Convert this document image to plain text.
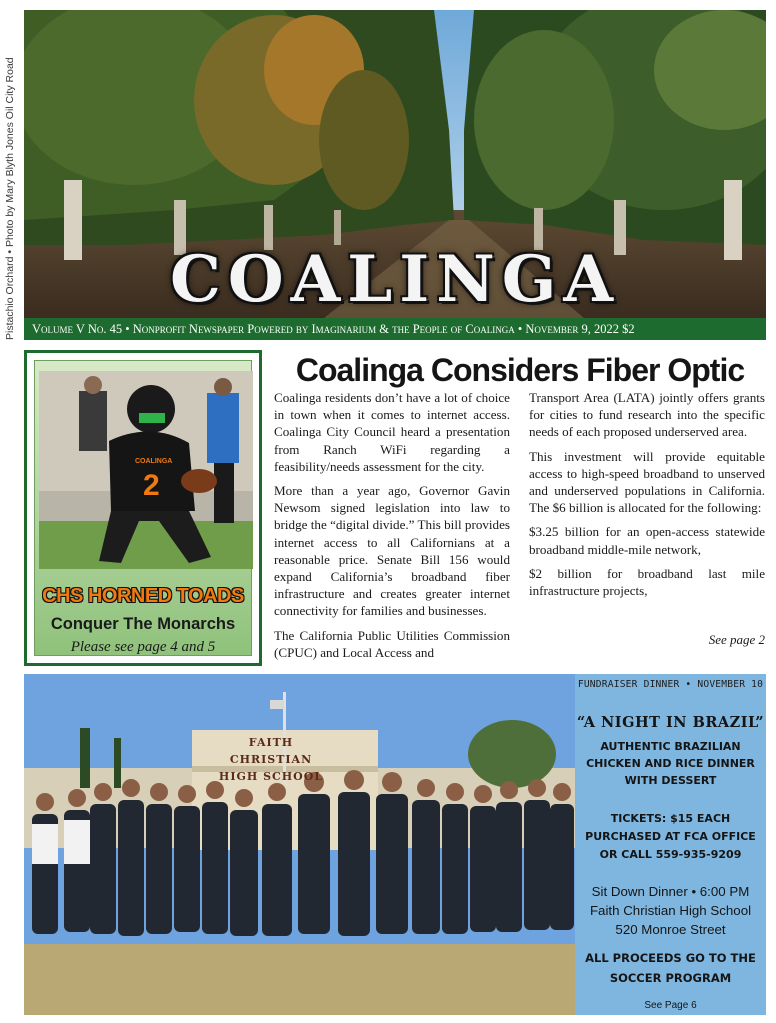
Pistachio Orchard • Photo by Mary Blyth Jones Oil City Road	COALINGA
Volume V No. 45 • Nonprofit Newspaper Powered by Imaginarium & the People of Coalinga • November 9, 2022 $2
2
COALINGA
CHS HORNED TOADS
Conquer The Monarchs
Please see page 4 and 5
Coalinga Considers Fiber Optic

Coalinga residents don’t have a lot of choice in town when it comes to internet access. Coalinga City Council heard a presentation from Ranch WiFi regarding a feasibility/needs assessment for the city.

More than a year ago, Governor Gavin Newsom signed legislation into law to bridge the “digital divide.” This bill provides internet access to all Californians at a reasonable price. Senate Bill 156 would expand California’s broadband fiber infrastructure and creates greater internet connectivity for families and businesses.

The California Public Utilities Commission (CPUC) and Local Access and

Transport Area (LATA) jointly offers grants for cities to fund research into the specific needs of each proposed underserved area.

This investment will provide equitable access to high-speed broadband to unserved and underserved populations in California. The $6 billion is allocated for the following:

$3.25 billion for an open-access statewide broadband middle-mile network,

$2 billion for broadband last mile infrastructure projects,

See page 2
FAITH CHRISTIAN
HIGH SCHOOL
FUNDRAISER DINNER • NOVEMBER 10
“A NIGHT IN BRAZIL”
AUTHENTIC BRAZILIAN
CHICKEN AND RICE DINNER
WITH DESSERT
TICKETS: $15 EACH
PURCHASED AT FCA OFFICE
OR CALL 559-935-9209
Sit Down Dinner • 6:00 PM
Faith Christian High School
520 Monroe Street
ALL PROCEEDS GO TO THE
SOCCER PROGRAM
See Page 6
